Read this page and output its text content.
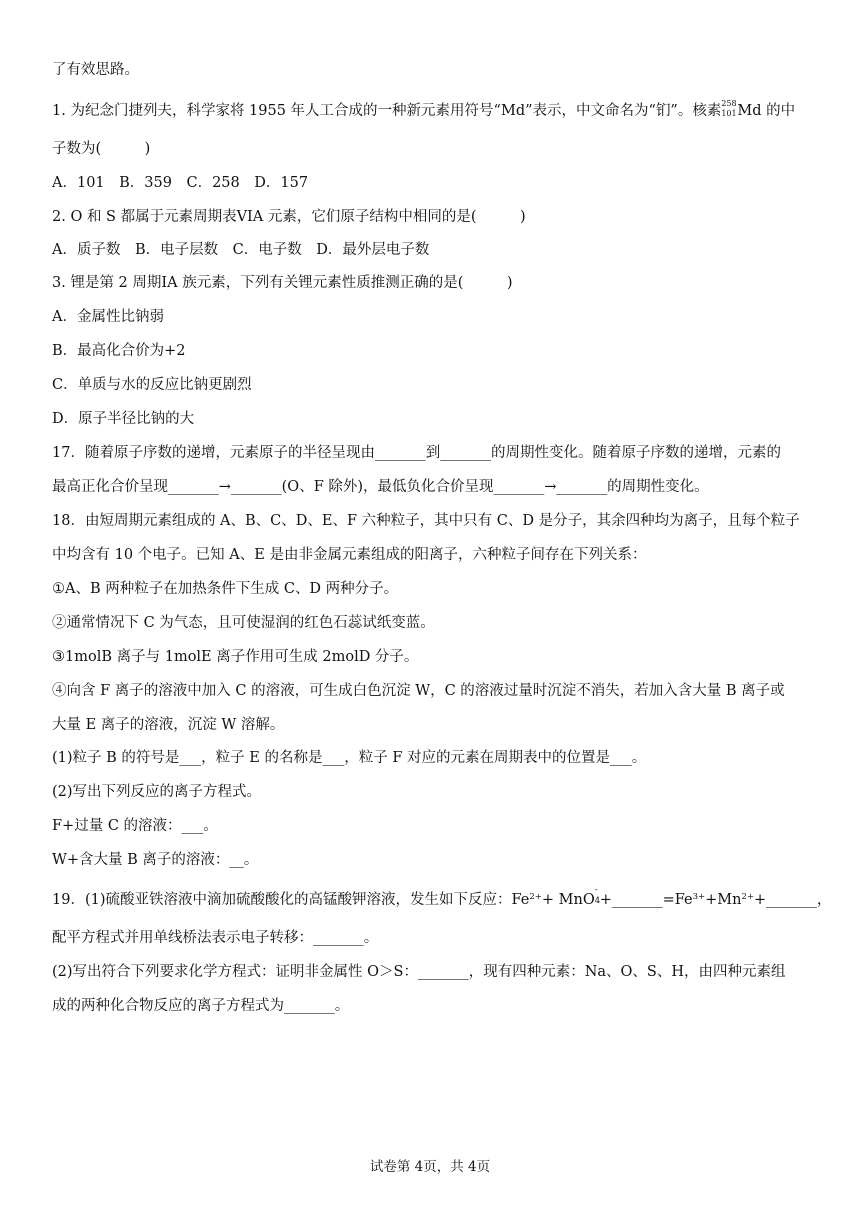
了有效思路。
1. 为纪念门捷列夫，科学家将 1955 年人工合成的一种新元素用符号“Md”表示，中文命名为“钔”。核素 258
101 Md 的中
子数为(　　　)
A．101　B．359　C．258　D．157
2. O 和 S 都属于元素周期表VIA 元素，它们原子结构中相同的是(　　　)
A．质子数　B．电子层数　C．电子数　D．最外层电子数
3. 锂是第 2 周期IA 族元素，下列有关锂元素性质推测正确的是(　　　)
A．金属性比钠弱
B．最高化合价为+2
C．单质与水的反应比钠更剧烈
D．原子半径比钠的大
17．随着原子序数的递增，元素原子的半径呈现由_______到_______的周期性变化。随着原子序数的递增，元素的
最高正化合价呈现_______→_______(O、F 除外)，最低负化合价呈现_______→_______的周期性变化。
18．由短周期元素组成的 A、B、C、D、E、F 六种粒子，其中只有 C、D 是分子，其余四种均为离子，且每个粒子
中均含有 10 个电子。已知 A、E 是由非金属元素组成的阳离子，六种粒子间存在下列关系：
①A、B 两种粒子在加热条件下生成 C、D 两种分子。
②通常情况下 C 为气态，且可使湿润的红色石蕊试纸变蓝。
③1molB 离子与 1molE 离子作用可生成 2molD 分子。
④向含 F 离子的溶液中加入 C 的溶液，可生成白色沉淀 W，C 的溶液过量时沉淀不消失，若加入含大量 B 离子或
大量 E 离子的溶液，沉淀 W 溶解。
(1)粒子 B 的符号是___，粒子 E 的名称是___，粒子 F 对应的元素在周期表中的位置是___。
(2)写出下列反应的离子方程式。
F+过量 C 的溶液：___。
W+含大量 B 离子的溶液：__。
19．(1)硫酸亚铁溶液中滴加硫酸酸化的高锰酸钾溶液，发生如下反应：$Fe^{2+}+$ MnO
-
$4 +\_\_\_\_\_\_\_=Fe^{3+}+Mn^{2+}+\_\_\_\_\_\_\_$，
配平方程式并用单线桥法表示电子转移：_______。
(2)写出符合下列要求化学方程式：证明非金属性 O＞S：_______，现有四种元素：Na、O、S、H，由四种元素组
成的两种化合物反应的离子方程式为_______。
试卷第 4页，共 4页
